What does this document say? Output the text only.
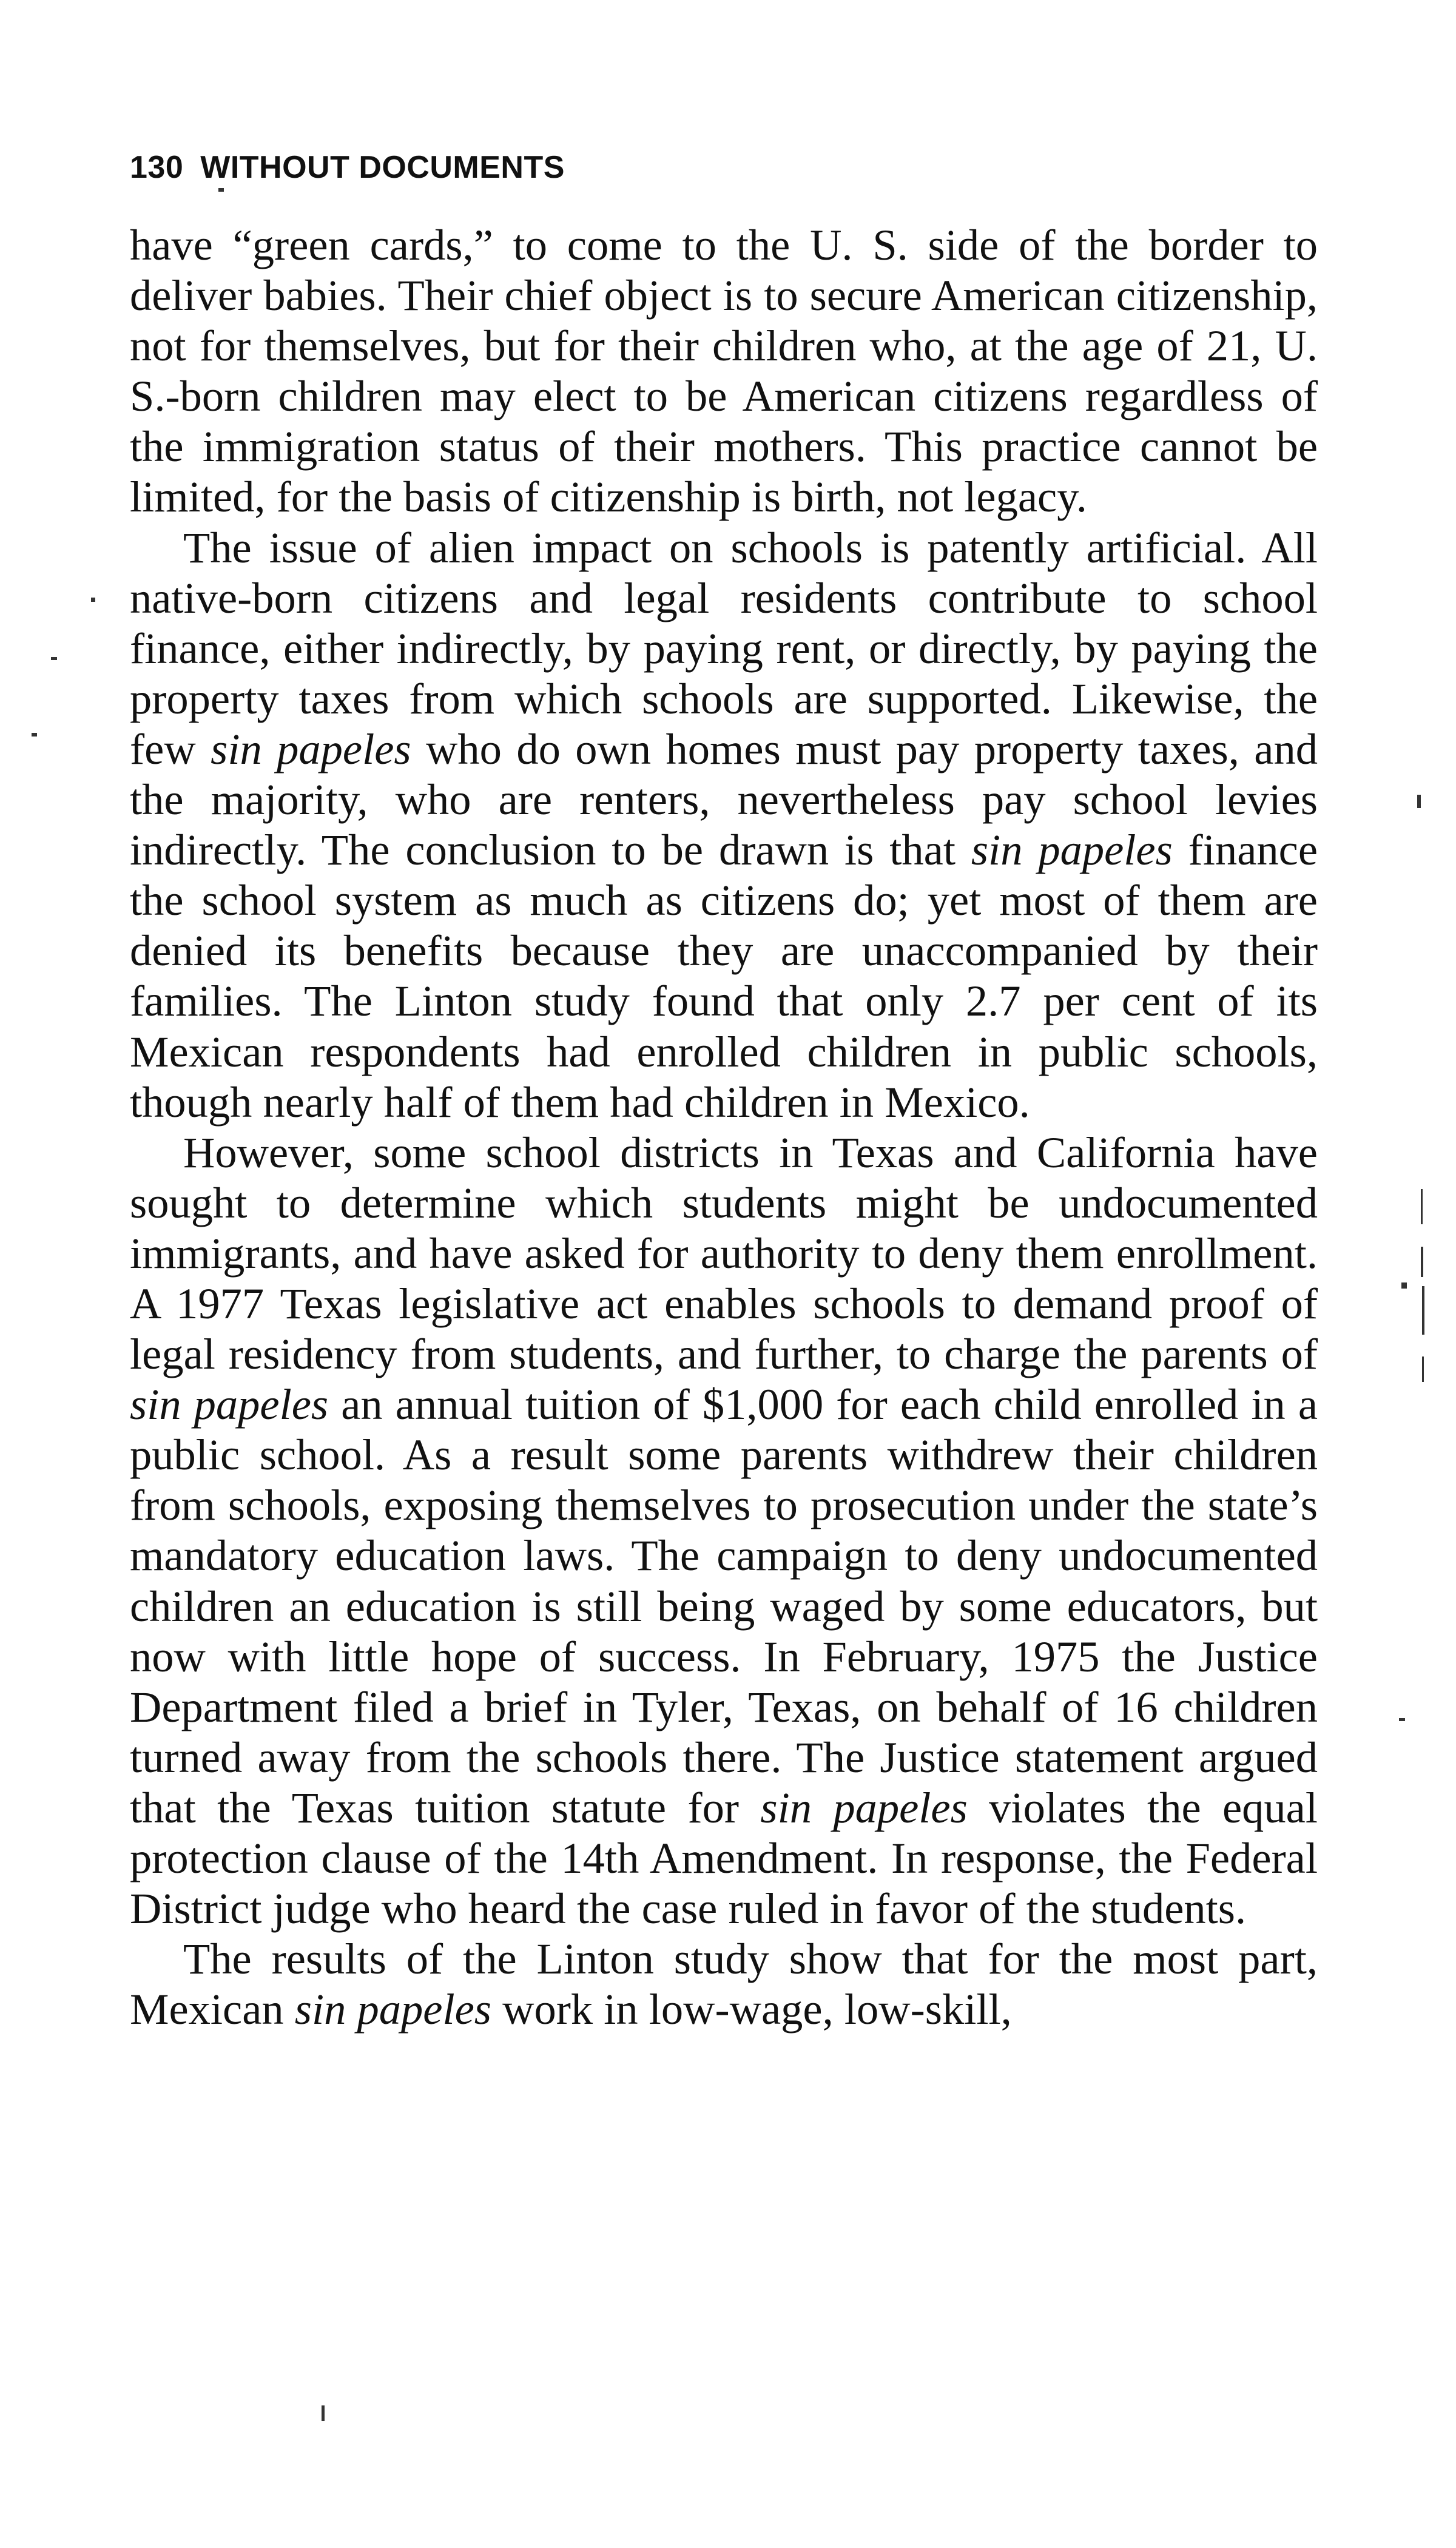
130 WITHOUT DOCUMENTS

have “green cards,” to come to the U. S. side of the border to deliver babies. Their chief object is to secure American citizenship, not for themselves, but for their children who, at the age of 21, U. S.-born children may elect to be American citizens regardless of the immigration status of their mothers. This practice cannot be limited, for the basis of citizenship is birth, not legacy.

The issue of alien impact on schools is patently artificial. All native-born citizens and legal residents contribute to school finance, either indirectly, by paying rent, or directly, by paying the property taxes from which schools are supported. Likewise, the few sin papeles who do own homes must pay property taxes, and the majority, who are renters, nevertheless pay school levies indirectly. The conclusion to be drawn is that sin papeles finance the school system as much as citizens do; yet most of them are denied its benefits because they are unaccompanied by their families. The Linton study found that only 2.7 per cent of its Mexican respondents had enrolled children in public schools, though nearly half of them had children in Mexico.

However, some school districts in Texas and California have sought to determine which students might be undocumented immigrants, and have asked for authority to deny them enrollment. A 1977 Texas legislative act enables schools to demand proof of legal residency from students, and further, to charge the parents of sin papeles an annual tuition of $1,000 for each child enrolled in a public school. As a result some parents withdrew their children from schools, exposing themselves to prosecution under the state’s mandatory education laws. The campaign to deny undocumented children an education is still being waged by some educators, but now with little hope of success. In February, 1975 the Justice Department filed a brief in Tyler, Texas, on behalf of 16 children turned away from the schools there. The Justice statement argued that the Texas tuition statute for sin papeles violates the equal protection clause of the 14th Amendment. In response, the Federal District judge who heard the case ruled in favor of the students.

The results of the Linton study show that for the most part, Mexican sin papeles work in low-wage, low-skill,
